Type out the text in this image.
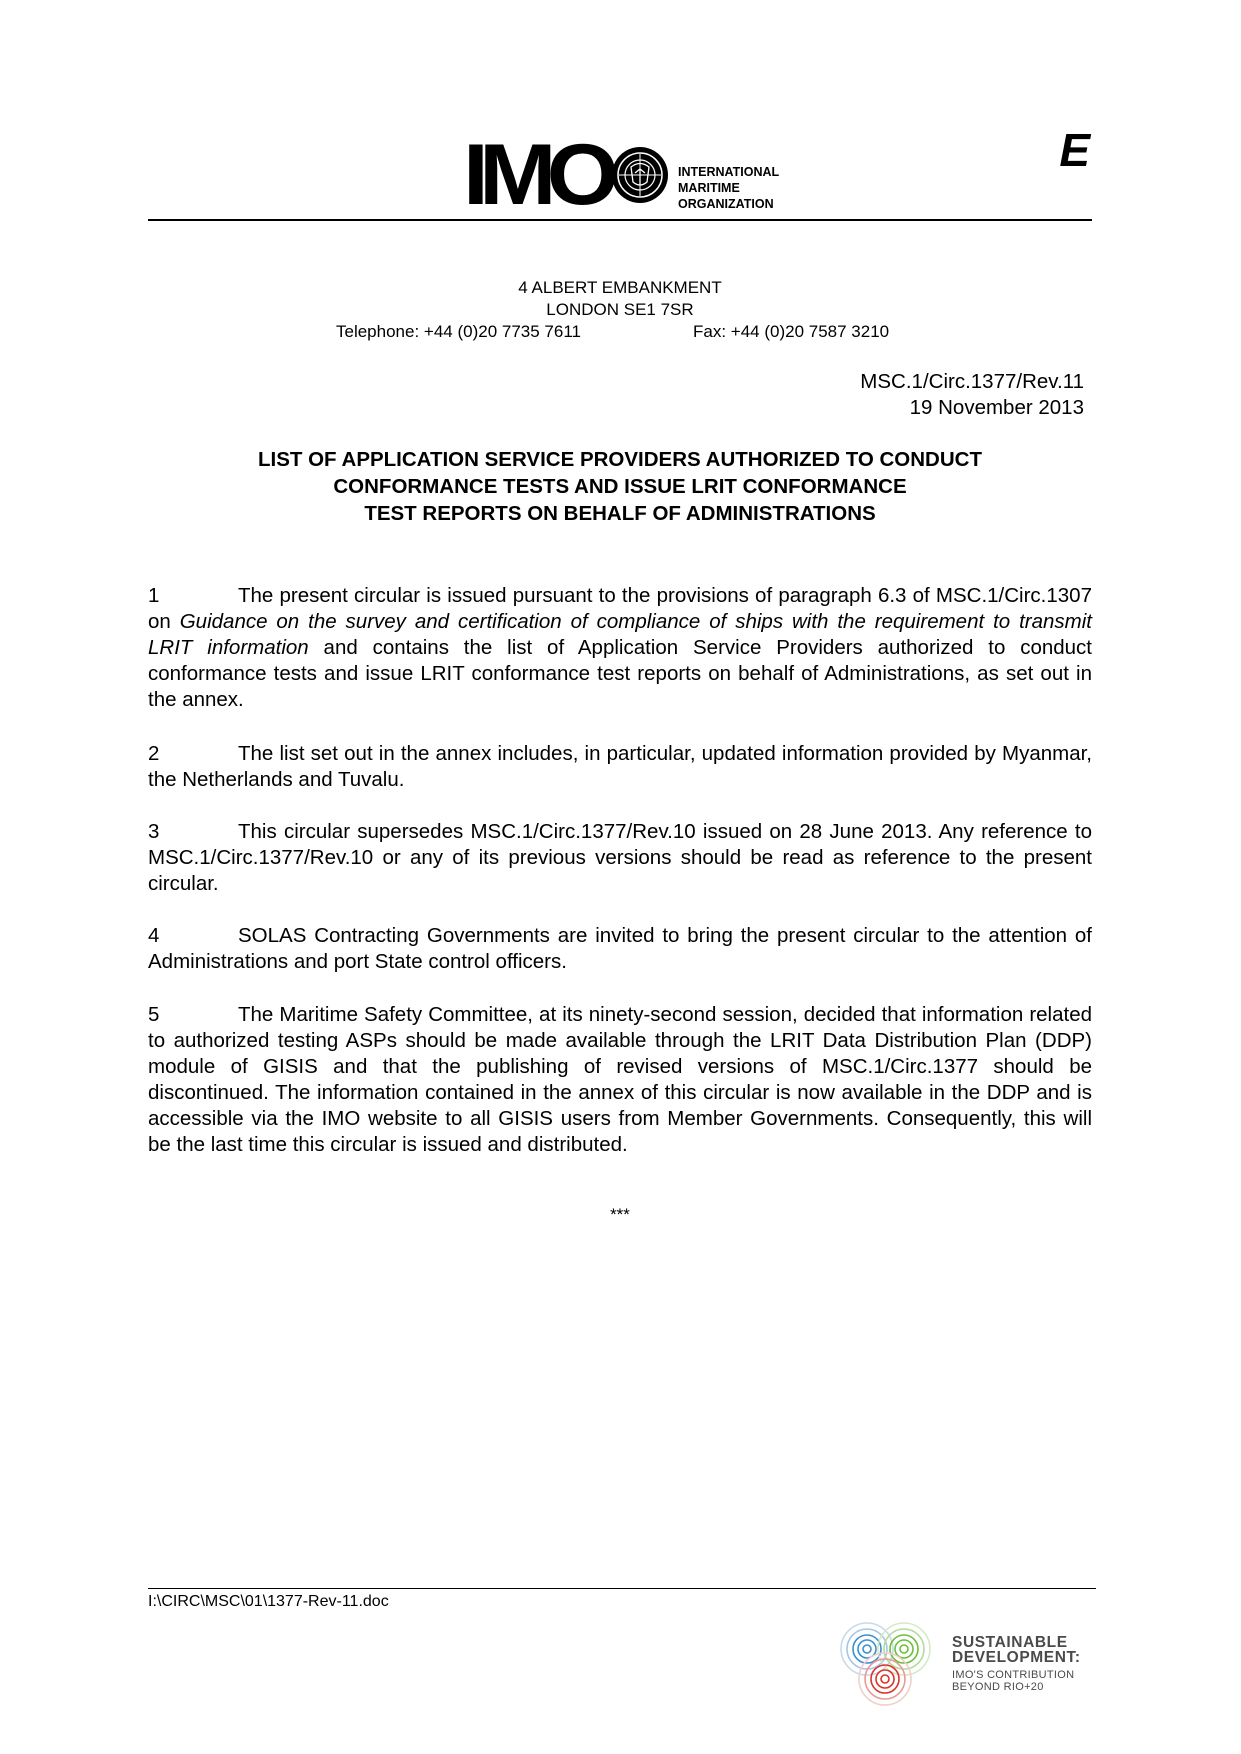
IMO	INTERNATIONAL
MARITIME
ORGANIZATION
E
4 ALBERT EMBANKMENT
LONDON SE1 7SR
Telephone: +44 (0)20 7735 7611	Fax: +44 (0)20 7587 3210
MSC.1/Circ.1377/Rev.11
19 November 2013
LIST OF APPLICATION SERVICE PROVIDERS AUTHORIZED TO CONDUCT
CONFORMANCE TESTS AND ISSUE LRIT CONFORMANCE
TEST REPORTS ON BEHALF OF ADMINISTRATIONS

1	The present circular is issued pursuant to the provisions of paragraph 6.3 of MSC.1/Circ.1307 on Guidance on the survey and certification of compliance of ships with the requirement to transmit LRIT information and contains the list of Application Service Providers authorized to conduct conformance tests and issue LRIT conformance test reports on behalf of Administrations, as set out in the annex.

2	The list set out in the annex includes, in particular, updated information provided by Myanmar, the Netherlands and Tuvalu.

3	This circular supersedes MSC.1/Circ.1377/Rev.10 issued on 28 June 2013. Any reference to MSC.1/Circ.1377/Rev.10 or any of its previous versions should be read as reference to the present circular.

4	SOLAS Contracting Governments are invited to bring the present circular to the attention of Administrations and port State control officers.

5	The Maritime Safety Committee, at its ninety-second session, decided that information related to authorized testing ASPs should be made available through the LRIT Data Distribution Plan (DDP) module of GISIS and that the publishing of revised versions of MSC.1/Circ.1377 should be discontinued. The information contained in the annex of this circular is now available in the DDP and is accessible via the IMO website to all GISIS users from Member Governments. Consequently, this will be the last time this circular is issued and distributed.

***
I:\CIRC\MSC\01\1377-Rev-11.doc
SUSTAINABLE
DEVELOPMENT:
IMO'S CONTRIBUTION
BEYOND RIO+20
